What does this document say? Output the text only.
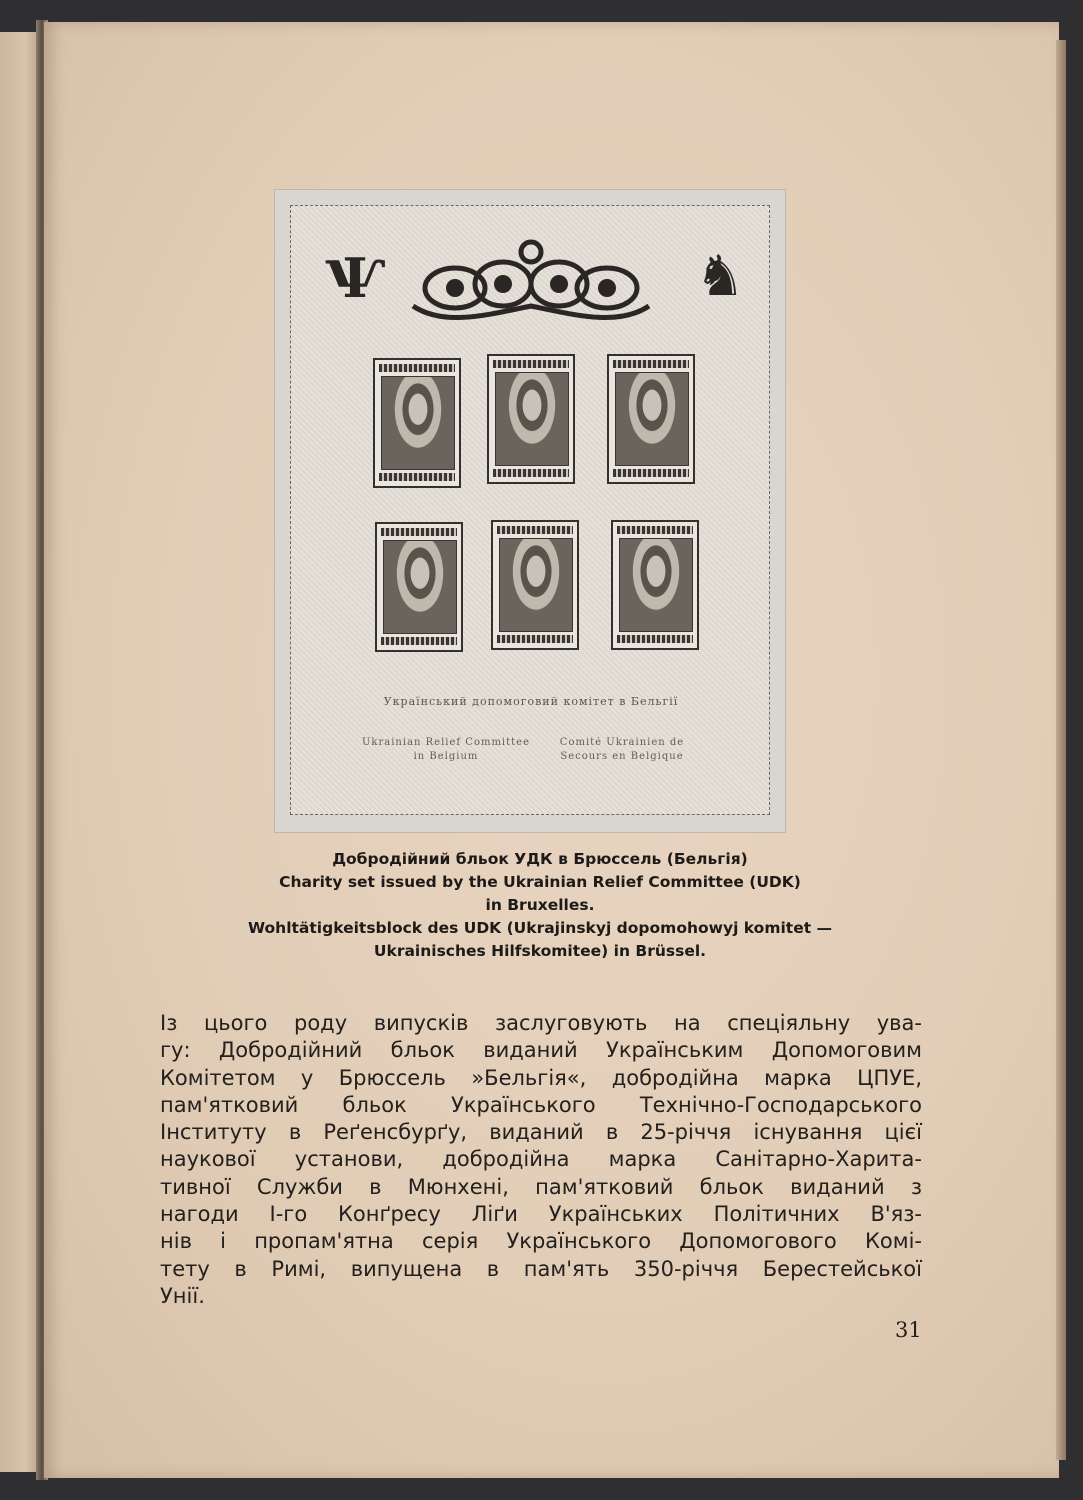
Ѱ	♞
Український допомоговий комітет в Бельгії
Ukrainian Relief Committee in Belgium
Comité Ukrainien de Secours en Belgique
Добродійний бльок УДК в Брюссель (Бельгія)
Charity set issued by the Ukrainian Relief Committee (UDK)
in Bruxelles.
Wohltätigkeitsblock des UDK (Ukrajinskyj dopomohowyj komitet —
Ukrainisches Hilfskomitee) in Brüssel.
Із цього роду випусків заслуговують на спеціяльну ува-
гу: Добродійний бльок виданий Українським Допомоговим
Комітетом у Брюссель »Бельгія«, добродійна марка ЦПУЕ,
пам'ятковий бльок Українського Технічно-Господарського
Інституту в Реґенсбурґу, виданий в 25-річчя існування цієї
наукової установи, добродійна марка Санітарно-Харита-
тивної Служби в Мюнхені, пам'ятковий бльок виданий з
нагоди І-го Конґресу Ліґи Українських Політичних В'яз-
нів і пропам'ятна серія Українського Допомогового Комі-
тету в Римі, випущена в пам'ять 350-річчя Берестейської
Унії.
31
